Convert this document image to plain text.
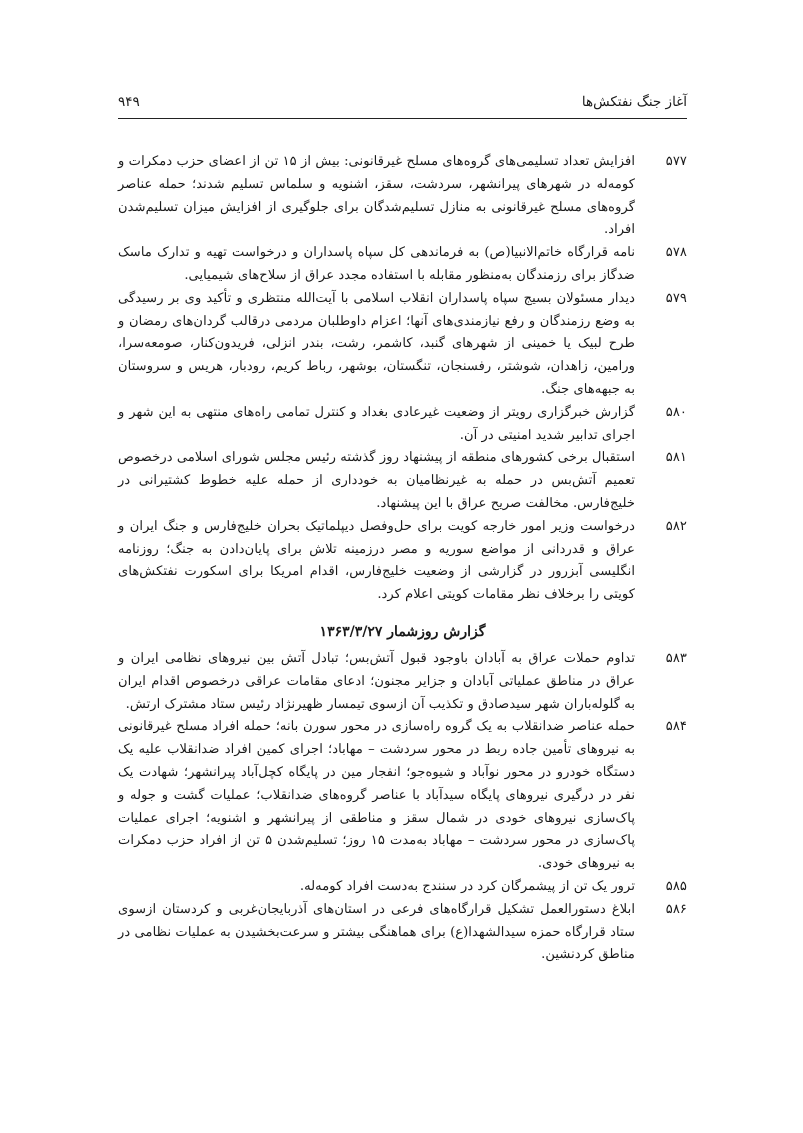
آغاز جنگ نفتکش‌ها
۹۴۹

۵۷۷
افزایش تعداد تسلیمی‌های گروه‌های مسلح غیرقانونی: بیش از ۱۵ تن از اعضای حزب دمکرات و کومه‌له در شهرهای پیرانشهر، سردشت، سقز، اشنویه و سلماس تسلیم شدند؛ حمله عناصر گروه‌های مسلح غیرقانونی به منازل تسلیم‌شدگان برای جلوگیری از افزایش میزان تسلیم‌شدن افراد.

۵۷۸
نامه قرارگاه خاتم‌الانبیا(ص) به فرماندهی کل سپاه پاسداران و درخواست تهیه و تدارک ماسک ضدگاز برای رزمندگان به‌منظور مقابله با استفاده مجدد عراق از سلاح‌های شیمیایی.

۵۷۹
دیدار مسئولان بسیج سپاه پاسداران انقلاب اسلامی با آیت‌الله منتظری و تأکید وی بر رسیدگی به وضع رزمندگان و رفع نیازمندی‌های آنها؛ اعزام داوطلبان مردمی درقالب گردان‌های رمضان و طرح لبیک یا خمینی از شهرهای گنبد، کاشمر، رشت، بندر انزلی، فریدون‌کنار، صومعه‌سرا، ورامین، زاهدان، شوشتر، رفسنجان، تنگستان، بوشهر، رباط کریم، رودبار، هریس و سروستان به جبهه‌های جنگ.

۵۸۰
گزارش خبرگزاری رویتر از وضعیت غیرعادی بغداد و کنترل تمامی راه‌های منتهی به این شهر و اجرای تدابیر شدید امنیتی در آن.

۵۸۱
استقبال برخی کشورهای منطقه از پیشنهاد روز گذشته رئیس مجلس شورای اسلامی درخصوص تعمیم آتش‌بس در حمله به غیرنظامیان به خودداری از حمله علیه خطوط کشتیرانی در خلیج‌فارس. مخالفت صریح عراق با این پیشنهاد.

۵۸۲
درخواست وزیر امور خارجه کویت برای حل‌وفصل دیپلماتیک بحران خلیج‌فارس و جنگ ایران و عراق و قدردانی از مواضع سوریه و مصر درزمینه تلاش برای پایان‌دادن به جنگ؛ روزنامه انگلیسی آبزرور در گزارشی از وضعیت خلیج‌فارس، اقدام امریکا برای اسکورت نفتکش‌های کویتی را برخلاف نظر مقامات کویتی اعلام کرد.

گزارش روزشمار ۱۳۶۳/۳/۲۷

۵۸۳
تداوم حملات عراق به آبادان باوجود قبول آتش‌بس؛ تبادل آتش بین نیروهای نظامی ایران و عراق در مناطق عملیاتی آبادان و جزایر مجنون؛ ادعای مقامات عراقی درخصوص اقدام ایران به گلوله‌باران شهر سیدصادق و تکذیب آن ازسوی تیمسار ظهیرنژاد رئیس ستاد مشترک ارتش.

۵۸۴
حمله عناصر ضدانقلاب به یک گروه راه‌سازی در محور سورن بانه؛ حمله افراد مسلح غیرقانونی به نیروهای تأمین جاده ربط در محور سردشت – مهاباد؛ اجرای کمین افراد ضدانقلاب علیه یک دستگاه خودرو در محور نوآباد و شیوه‌جو؛ انفجار مین در پایگاه کچل‌آباد پیرانشهر؛ شهادت یک نفر در درگیری نیروهای پایگاه سیدآباد با عناصر گروه‌های ضدانقلاب؛ عملیات گشت و جوله و پاک‌سازی نیروهای خودی در شمال سقز و مناطقی از پیرانشهر و اشنویه؛ اجرای عملیات پاک‌سازی در محور سردشت – مهاباد به‌مدت ۱۵ روز؛ تسلیم‌شدن ۵ تن از افراد حزب دمکرات به نیروهای خودی.

۵۸۵
ترور یک تن از پیشمرگان کرد در سنندج به‌دست افراد کومه‌له.

۵۸۶
ابلاغ دستورالعمل تشکیل قرارگاه‌های فرعی در استان‌های آذربایجان‌غربی و کردستان ازسوی ستاد قرارگاه حمزه سیدالشهدا(ع) برای هماهنگی بیشتر و سرعت‌بخشیدن به عملیات نظامی در مناطق کردنشین.
